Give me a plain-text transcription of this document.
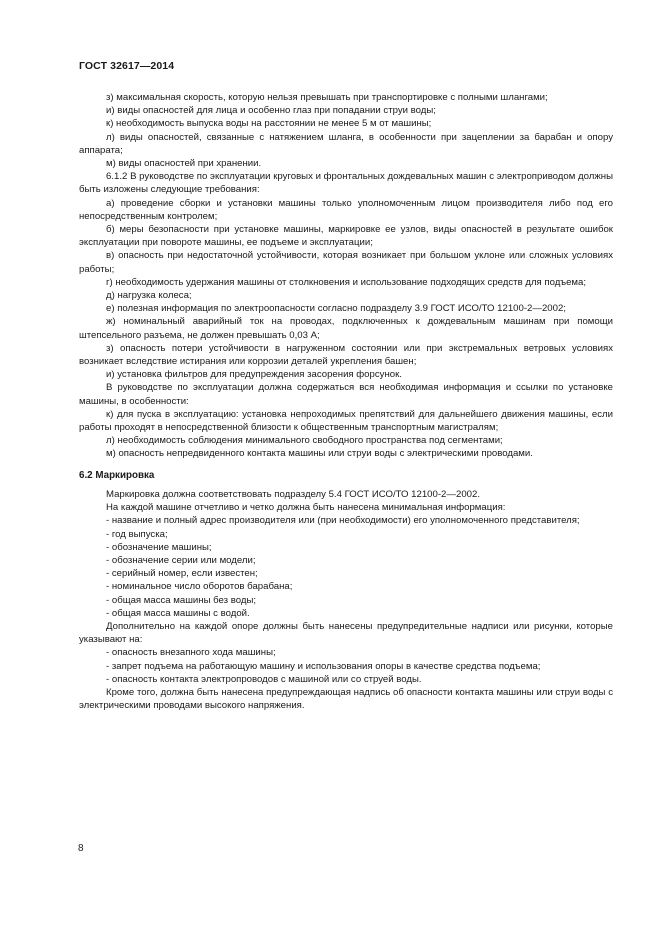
ГОСТ 32617—2014

з) максимальная скорость, которую нельзя превышать при транспортировке с полными шлангами;

и) виды опасностей для лица и особенно глаз при попадании струи воды;

к) необходимость выпуска воды на расстоянии не менее 5 м от машины;

л) виды опасностей, связанные с натяжением шланга, в особенности при зацеплении за барабан и опору аппарата;

м) виды опасностей при хранении.

6.1.2 В руководстве по эксплуатации круговых и фронтальных дождевальных машин с электроприводом должны быть изложены следующие требования:

а) проведение сборки и установки машины только уполномоченным лицом производителя либо под его непосредственным контролем;

б) меры безопасности при установке машины, маркировке ее узлов, виды опасностей в результате ошибок эксплуатации при повороте машины, ее подъеме и эксплуатации;

в) опасность при недостаточной устойчивости, которая возникает при большом уклоне или сложных условиях работы;

г) необходимость удержания машины от столкновения и использование подходящих средств для подъема;

д) нагрузка колеса;

е) полезная информация по электроопасности согласно подразделу 3.9 ГОСТ ИСО/ТО 12100-2—2002;

ж) номинальный аварийный ток на проводах, подключенных к дождевальным машинам при помощи штепсельного разъема, не должен превышать 0,03 А;

з) опасность потери устойчивости в нагруженном состоянии или при экстремальных ветровых условиях возникает вследствие истирания или коррозии деталей укрепления башен;

и) установка фильтров для предупреждения засорения форсунок.

В руководстве по эксплуатации должна содержаться вся необходимая информация и ссылки по установке машины, в особенности:

к) для пуска в эксплуатацию: установка непроходимых препятствий для дальнейшего движения машины, если работы проходят в непосредственной близости к общественным транспортным магистралям;

л) необходимость соблюдения минимального свободного пространства под сегментами;

м) опасность непредвиденного контакта машины или струи воды с электрическими проводами.

6.2 Маркировка

Маркировка должна соответствовать подразделу 5.4 ГОСТ ИСО/ТО 12100-2—2002.

На каждой машине отчетливо и четко должна быть нанесена минимальная информация:

- название и полный адрес производителя или (при необходимости) его уполномоченного представителя;

- год выпуска;

- обозначение машины;

- обозначение серии или модели;

- серийный номер, если известен;

- номинальное число оборотов барабана;

- общая масса машины без воды;

- общая масса машины с водой.

Дополнительно на каждой опоре должны быть нанесены предупредительные надписи или рисунки, которые указывают на:

- опасность внезапного хода машины;

- запрет подъема на работающую машину и использования опоры в качестве средства подъема;

- опасность контакта электропроводов с машиной или со струей воды.

Кроме того, должна быть нанесена предупреждающая надпись об опасности контакта машины или струи воды с электрическими проводами высокого напряжения.

8
